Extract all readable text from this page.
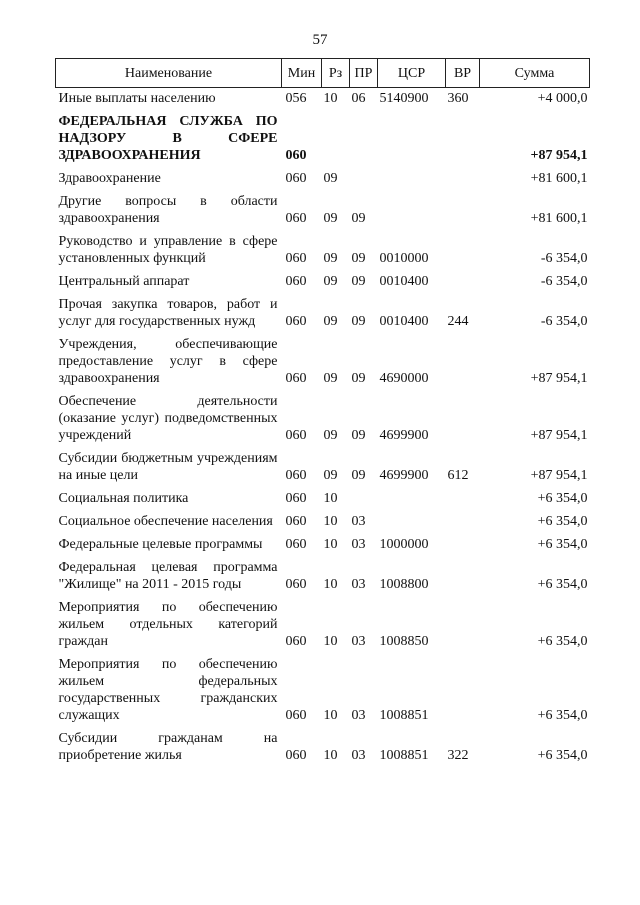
57
Наименование	Мин	Рз	ПР	ЦСР	ВР	Сумма
Иные выплаты населению	056	10	06	5140900	360	+4 000,0
ФЕДЕРАЛЬНАЯ СЛУЖБА ПО НАДЗОРУ В СФЕРЕ ЗДРАВООХРАНЕНИЯ	060					+87 954,1
Здравоохранение	060	09				+81 600,1
Другие вопросы в области здравоохранения	060	09	09			+81 600,1
Руководство и управление в сфере установленных функций	060	09	09	0010000		-6 354,0
Центральный аппарат	060	09	09	0010400		-6 354,0
Прочая закупка товаров, работ и услуг для государственных нужд	060	09	09	0010400	244	-6 354,0
Учреждения, обеспечивающие предоставление услуг в сфере здравоохранения	060	09	09	4690000		+87 954,1
Обеспечение деятельности (оказание услуг) подведомственных учреждений	060	09	09	4699900		+87 954,1
Субсидии бюджетным учреждениям на иные цели	060	09	09	4699900	612	+87 954,1
Социальная политика	060	10				+6 354,0
Социальное обеспечение населения	060	10	03			+6 354,0
Федеральные целевые программы	060	10	03	1000000		+6 354,0
Федеральная целевая программа "Жилище" на 2011 - 2015 годы	060	10	03	1008800		+6 354,0
Мероприятия по обеспечению жильем отдельных категорий граждан	060	10	03	1008850		+6 354,0
Мероприятия по обеспечению жильем федеральных государственных гражданских служащих	060	10	03	1008851		+6 354,0
Субсидии гражданам на приобретение жилья	060	10	03	1008851	322	+6 354,0
